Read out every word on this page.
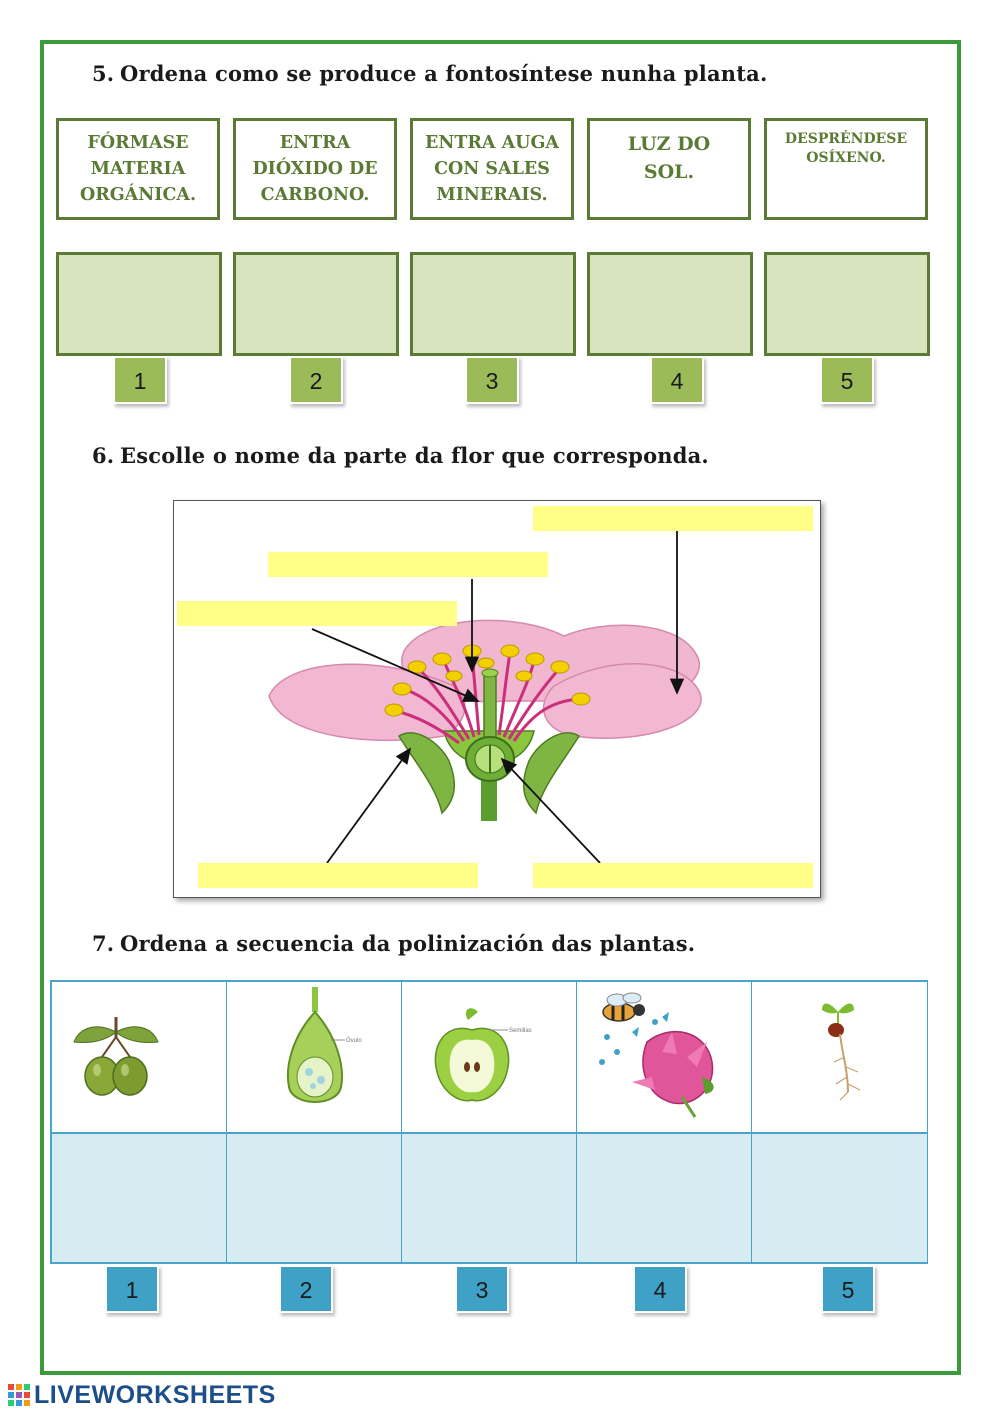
5. Ordena como se produce a fontosíntese nunha planta.
FÓRMASE
MATERIA
ORGÁNICA.
ENTRA
DIÓXIDO DE
CARBONO.
ENTRA AUGA
CON SALES
MINERAIS.
LUZ DO
SOL.
DESPRÉNDESE
OSÍXENO.
1	2	3	4	5
6. Escolle o nome da parte da flor que corresponda.
7. Ordena a secuencia da polinización das plantas.
Óvulo
Semillas
1	2	3	4	5
LIVEWORKSHEETS
